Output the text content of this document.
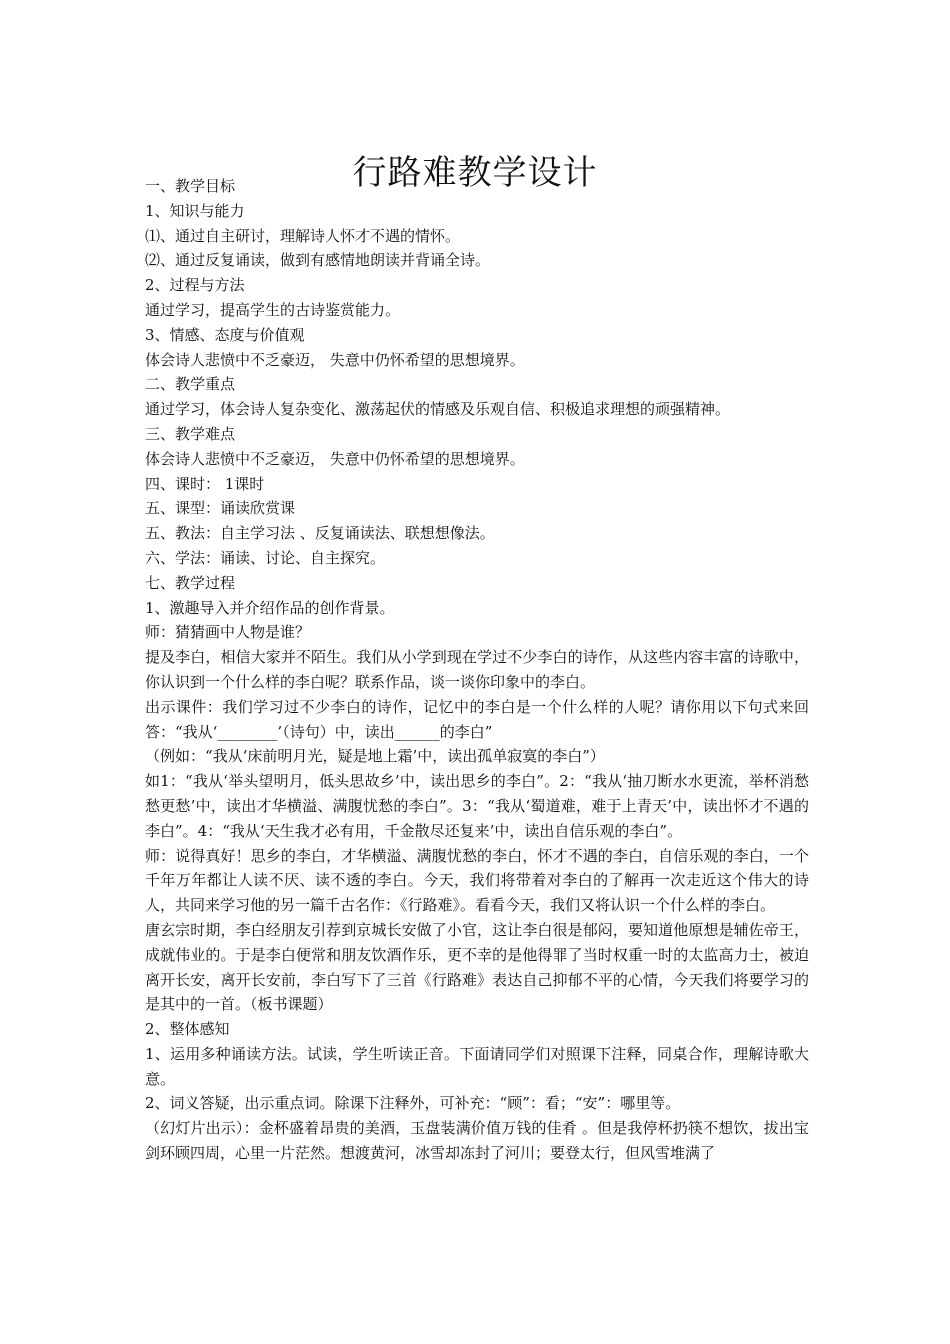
行路难教学设计

一、教学目标

1、知识与能力

⑴、通过自主研讨，理解诗人怀才不遇的情怀。

⑵、通过反复诵读，做到有感情地朗读并背诵全诗。

2、过程与方法

通过学习，提高学生的古诗鉴赏能力。

3、情感、态度与价值观

体会诗人悲愤中不乏豪迈， 失意中仍怀希望的思想境界。

二、教学重点

通过学习，体会诗人复杂变化、激荡起伏的情感及乐观自信、积极追求理想的顽强精神。

三、教学难点

体会诗人悲愤中不乏豪迈， 失意中仍怀希望的思想境界。

四、课时： 1课时

五、课型：诵读欣赏课

五、教法：自主学习法 、反复诵读法、联想想像法。

六、学法：诵读、讨论、自主探究。

七、教学过程

1、激趣导入并介绍作品的创作背景。

师：猜猜画中人物是谁？

提及李白，相信大家并不陌生。我们从小学到现在学过不少李白的诗作，从这些内容丰富的诗歌中，你认识到一个什么样的李白呢？联系作品，谈一谈你印象中的李白。

出示课件：我们学习过不少李白的诗作，记忆中的李白是一个什么样的人呢？请你用以下句式来回答：“我从‘________’（诗句）中，读出______的李白”

（例如：“我从‘床前明月光，疑是地上霜’中，读出孤单寂寞的李白”）

如1：“我从‘举头望明月，低头思故乡’中，读出思乡的李白”。2：“我从‘抽刀断水水更流，举杯消愁愁更愁’中，读出才华横溢、满腹忧愁的李白”。3：“我从‘蜀道难，难于上青天’中，读出怀才不遇的李白”。4：“我从‘天生我才必有用，千金散尽还复来’中，读出自信乐观的李白”。

师：说得真好！思乡的李白，才华横溢、满腹忧愁的李白，怀才不遇的李白，自信乐观的李白，一个千年万年都让人读不厌、读不透的李白。今天，我们将带着对李白的了解再一次走近这个伟大的诗人，共同来学习他的另一篇千古名作：《行路难》。看看今天，我们又将认识一个什么样的李白。

唐玄宗时期，李白经朋友引荐到京城长安做了小官，这让李白很是郁闷，要知道他原想是辅佐帝王，成就伟业的。于是李白便常和朋友饮酒作乐，更不幸的是他得罪了当时权重一时的太监高力士，被迫离开长安，离开长安前，李白写下了三首《行路难》表达自己抑郁不平的心情，今天我们将要学习的是其中的一首。（板书课题）

2、整体感知

1、运用多种诵读方法。试读，学生听读正音。下面请同学们对照课下注释，同桌合作，理解诗歌大意。

2、词义答疑，出示重点词。除课下注释外，可补充：“顾”：看；“安”：哪里等。

（幻灯片出示）：金杯盛着昂贵的美酒，玉盘装满价值万钱的佳肴 。但是我停杯扔筷不想饮，拔出宝剑环顾四周，心里一片茫然。想渡黄河，冰雪却冻封了河川；要登太行，但风雪堆满了
